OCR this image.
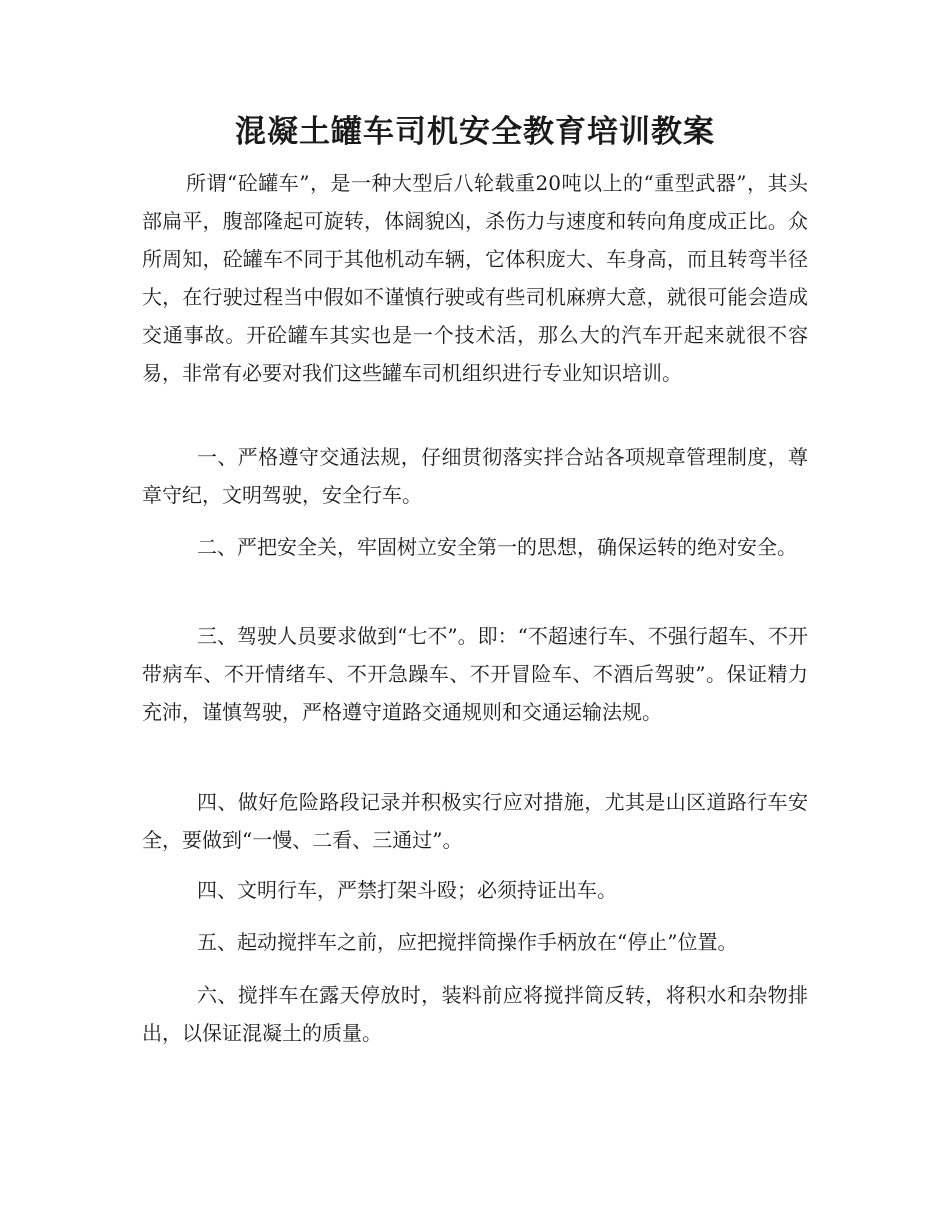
混凝土罐车司机安全教育培训教案

所谓“砼罐车”，是一种大型后八轮载重20吨以上的“重型武器”，其头部扁平，腹部隆起可旋转，体阔貌凶，杀伤力与速度和转向角度成正比。众所周知，砼罐车不同于其他机动车辆，它体积庞大、车身高，而且转弯半径大，在行驶过程当中假如不谨慎行驶或有些司机麻痹大意，就很可能会造成交通事故。开砼罐车其实也是一个技术活，那么大的汽车开起来就很不容易，非常有必要对我们这些罐车司机组织进行专业知识培训。

一、严格遵守交通法规，仔细贯彻落实拌合站各项规章管理制度，尊章守纪，文明驾驶，安全行车。

二、严把安全关，牢固树立安全第一的思想，确保运转的绝对安全。

三、驾驶人员要求做到“七不”。即：“不超速行车、不强行超车、不开带病车、不开情绪车、不开急躁车、不开冒险车、不酒后驾驶”。保证精力充沛，谨慎驾驶，严格遵守道路交通规则和交通运输法规。

四、做好危险路段记录并积极实行应对措施，尤其是山区道路行车安全，要做到“一慢、二看、三通过”。

四、文明行车，严禁打架斗殴；必须持证出车。

五、起动搅拌车之前，应把搅拌筒操作手柄放在“停止”位置。

六、搅拌车在露天停放时，装料前应将搅拌筒反转，将积水和杂物排出，以保证混凝土的质量。
